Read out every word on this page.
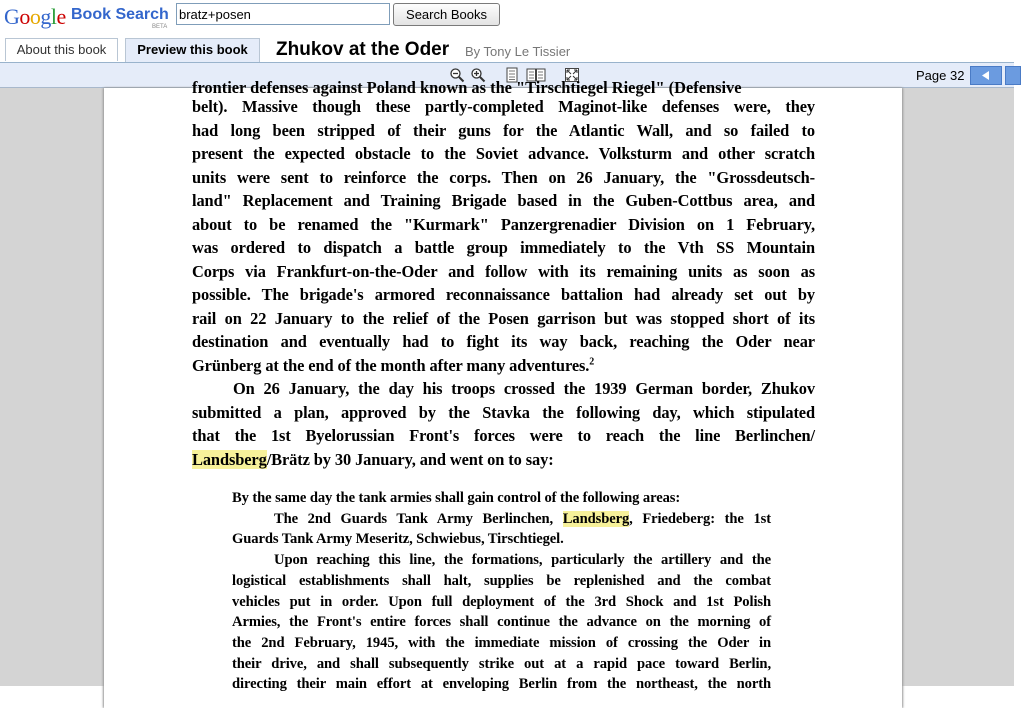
Google Book Search
BETA
bratz+posen
Search Books
About this book	Preview this book	Zhukov at the Oder By Tony Le Tissier
Page 32
frontier defenses against Poland known as the "Tirschtiegel Riegel" (Defensive
belt). Massive though these partly-completed Maginot-like defenses were, they
had long been stripped of their guns for the Atlantic Wall, and so failed to
present the expected obstacle to the Soviet advance. Volksturm and other scratch
units were sent to reinforce the corps. Then on 26 January, the "Grossdeutsch-
land" Replacement and Training Brigade based in the Guben-Cottbus area, and
about to be renamed the "Kurmark" Panzergrenadier Division on 1 February,
was ordered to dispatch a battle group immediately to the Vth SS Mountain
Corps via Frankfurt-on-the-Oder and follow with its remaining units as soon as
possible. The brigade's armored reconnaissance battalion had already set out by
rail on 22 January to the relief of the Posen garrison but was stopped short of its
destination and eventually had to fight its way back, reaching the Oder near
Grünberg at the end of the month after many adventures.$^2$
On 26 January, the day his troops crossed the 1939 German border, Zhukov
submitted a plan, approved by the Stavka the following day, which stipulated
that the 1st Byelorussian Front's forces were to reach the line Berlinchen/
Landsberg/Brätz by 30 January, and went on to say:
By the same day the tank armies shall gain control of the following areas:
The 2nd Guards Tank Army Berlinchen, Landsberg, Friedeberg: the 1st
Guards Tank Army Meseritz, Schwiebus, Tirschtiegel.
Upon reaching this line, the formations, particularly the artillery and the
logistical establishments shall halt, supplies be replenished and the combat
vehicles put in order. Upon full deployment of the 3rd Shock and 1st Polish
Armies, the Front's entire forces shall continue the advance on the morning of
the 2nd February, 1945, with the immediate mission of crossing the Oder in
their drive, and shall subsequently strike out at a rapid pace toward Berlin,
directing their main effort at enveloping Berlin from the northeast, the north
